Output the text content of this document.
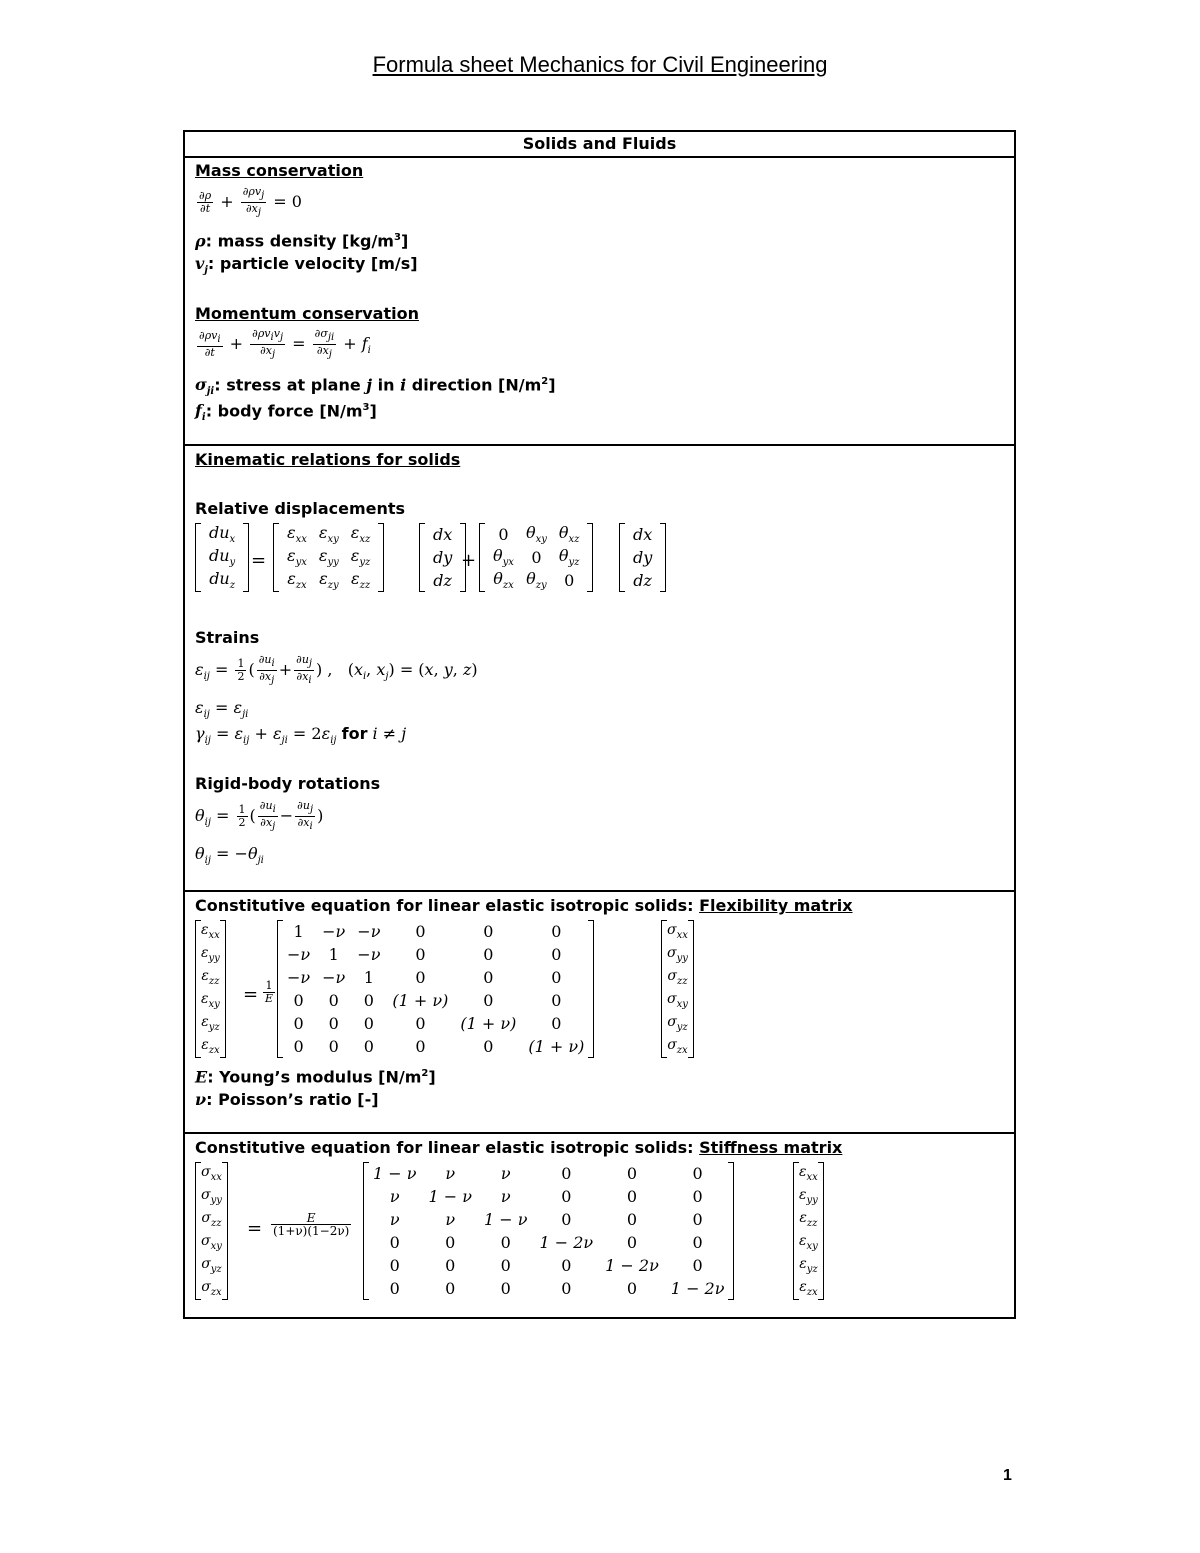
Formula sheet Mechanics for Civil Engineering
Solids and Fluids
Mass conservation
$\frac{\partial\rho}{\partial t} + \frac{\partial\rho v_j}{\partial x_j} = 0$
ρ: mass density $[kg/m^3]$
$v_j$: particle velocity [m/s]
Momentum conservation
$\frac{\partial\rho v_i}{\partial t} + \frac{\partial\rho v_iv_j}{\partial x_j} = \frac{\partial\sigma_{ji}}{\partial x_j} + f_i$
$\sigma_{ji}$: stress at plane j in i direction $[N/m^2]$
$f_i$: body force $[N/m^3]$
Kinematic relations for solids
Relative displacements
$du_x$
$du_y$
$du_z$
=
$\varepsilon_{xx}$	$\varepsilon_{xy}$	$\varepsilon_{xz}$
$\varepsilon_{yx}$	$\varepsilon_{yy}$	$\varepsilon_{yz}$
$\varepsilon_{zx}$	$\varepsilon_{zy}$	$\varepsilon_{zz}$
dx
dy
dz
+
0	$\theta_{xy}$	$\theta_{xz}$
$\theta_{yx}$	0	$\theta_{yz}$
$\theta_{zx}$	$\theta_{zy}$	0
dx
dy
dz
Strains
$\varepsilon_{ij} = \frac{1}{2}$ ( $\frac{\partial u_i}{\partial x_j} + \frac{\partial u_j}{\partial x_i}$ ) ,   ($x_i$, $x_j) = (x$, y, z)
$\varepsilon_{ij} = \varepsilon_{ji}$
$\gamma_{ij} = \varepsilon_{ij} + \varepsilon_{ji} = 2\varepsilon_{ij}$ for i ≠ j
Rigid-body rotations
$\theta_{ij} = \frac{1}{2}$ ( $\frac{\partial u_i}{\partial x_j} - \frac{\partial u_j}{\partial x_i}$ )
$\theta_{ij} = -\theta_{ji}$
Constitutive equation for linear elastic isotropic solids: Flexibility matrix
$\varepsilon_{xx}$
$\varepsilon_{yy}$
$\varepsilon_{zz}$
$\varepsilon_{xy}$
$\varepsilon_{yz}$
$\varepsilon_{zx}$
= $\frac{1}{E}$
1	−ν	−ν	0	0	0
−ν	1	−ν	0	0	0
−ν	−ν	1	0	0	0
0	0	0	(1 + ν)	0	0
0	0	0	0	(1 + ν)	0
0	0	0	0	0	(1 + ν)
$\sigma_{xx}$
$\sigma_{yy}$
$\sigma_{zz}$
$\sigma_{xy}$
$\sigma_{yz}$
$\sigma_{zx}$
E: Young’s modulus $[N/m^2]$
ν: Poisson’s ratio [-]
Constitutive equation for linear elastic isotropic solids: Stiffness matrix
$\sigma_{xx}$
$\sigma_{yy}$
$\sigma_{zz}$
$\sigma_{xy}$
$\sigma_{yz}$
$\sigma_{zx}$
= $\frac{E}{(1+\nu)(1-2\nu)}$
1 − ν	ν	ν	0	0	0
ν	1 − ν	ν	0	0	0
ν	ν	1 − ν	0	0	0
0	0	0	1 − 2ν	0	0
0	0	0	0	1 − 2ν	0
0	0	0	0	0	1 − 2ν
$\varepsilon_{xx}$
$\varepsilon_{yy}$
$\varepsilon_{zz}$
$\varepsilon_{xy}$
$\varepsilon_{yz}$
$\varepsilon_{zx}$
1
